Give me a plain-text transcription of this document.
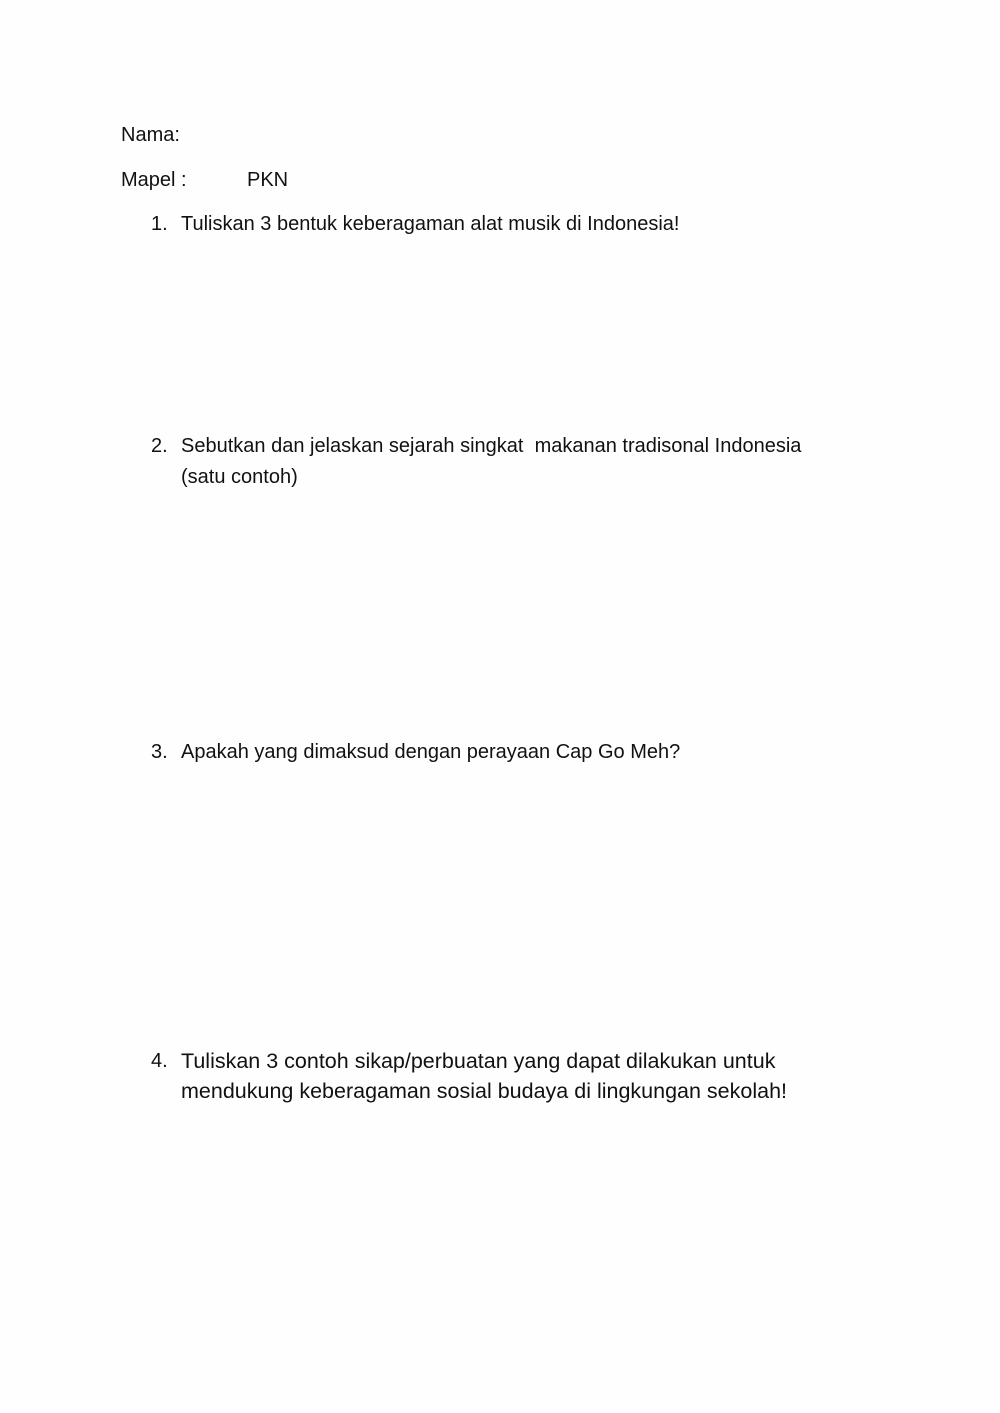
Nama:
Mapel :	PKN
1. Tuliskan 3 bentuk keberagaman alat musik di Indonesia!
2. Sebutkan dan jelaskan sejarah singkat  makanan tradisonal Indonesia
(satu contoh)
3. Apakah yang dimaksud dengan perayaan Cap Go Meh?
4. Tuliskan 3 contoh sikap/perbuatan yang dapat dilakukan untuk
mendukung keberagaman sosial budaya di lingkungan sekolah!
